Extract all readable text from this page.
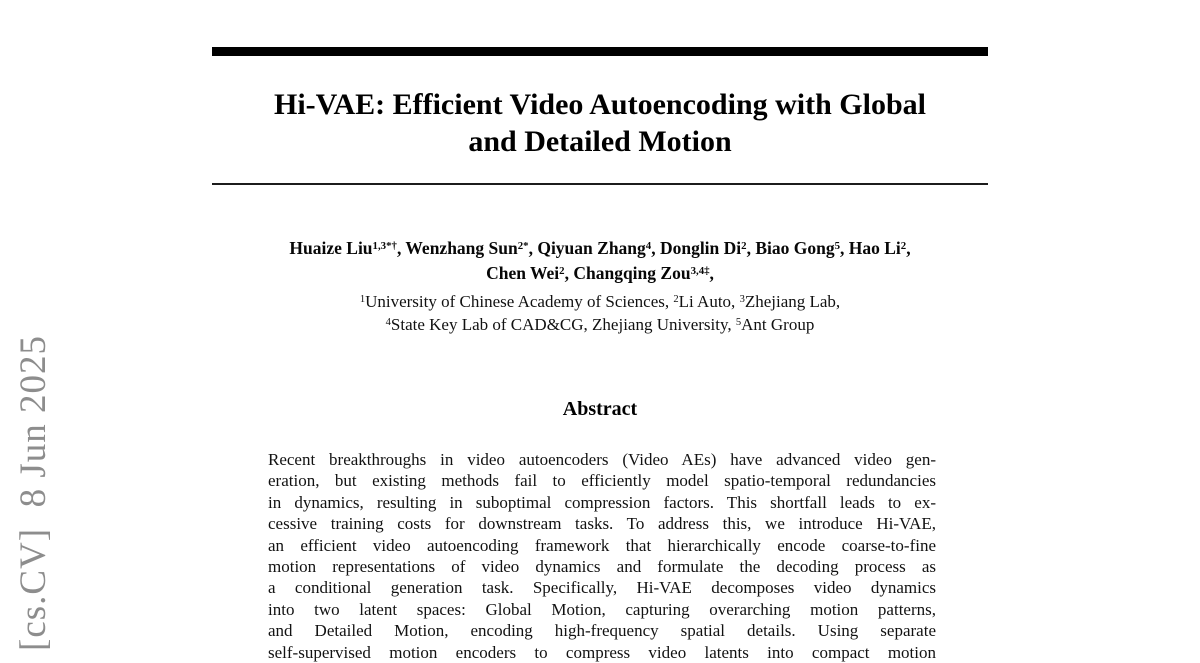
[cs.CV]  8 Jun 2025
Hi-VAE: Efficient Video Autoencoding with Global
and Detailed Motion
Huaize Liu$^{1,3*\dagger}$, Wenzhang Sun$^{2*}$, Qiyuan Zhang$^4$, Donglin Di$^2$, Biao Gong$^5$, Hao Li$^2$,
Chen Wei$^2$, Changqing Zou$^{3,4\ddagger}$,
$^1$University of Chinese Academy of Sciences, $^2$Li Auto, $^3$Zhejiang Lab,
$^4$State Key Lab of CAD&CG, Zhejiang University, $^5$Ant Group
Abstract
Recent breakthroughs in video autoencoders (Video AEs) have advanced video gen-
eration, but existing methods fail to efficiently model spatio-temporal redundancies
in dynamics, resulting in suboptimal compression factors. This shortfall leads to ex-
cessive training costs for downstream tasks. To address this, we introduce Hi-VAE,
an efficient video autoencoding framework that hierarchically encode coarse-to-fine
motion representations of video dynamics and formulate the decoding process as
a conditional generation task. Specifically, Hi-VAE decomposes video dynamics
into two latent spaces: Global Motion, capturing overarching motion patterns,
and Detailed Motion, encoding high-frequency spatial details. Using separate
self-supervised motion encoders to compress video latents into compact motion
